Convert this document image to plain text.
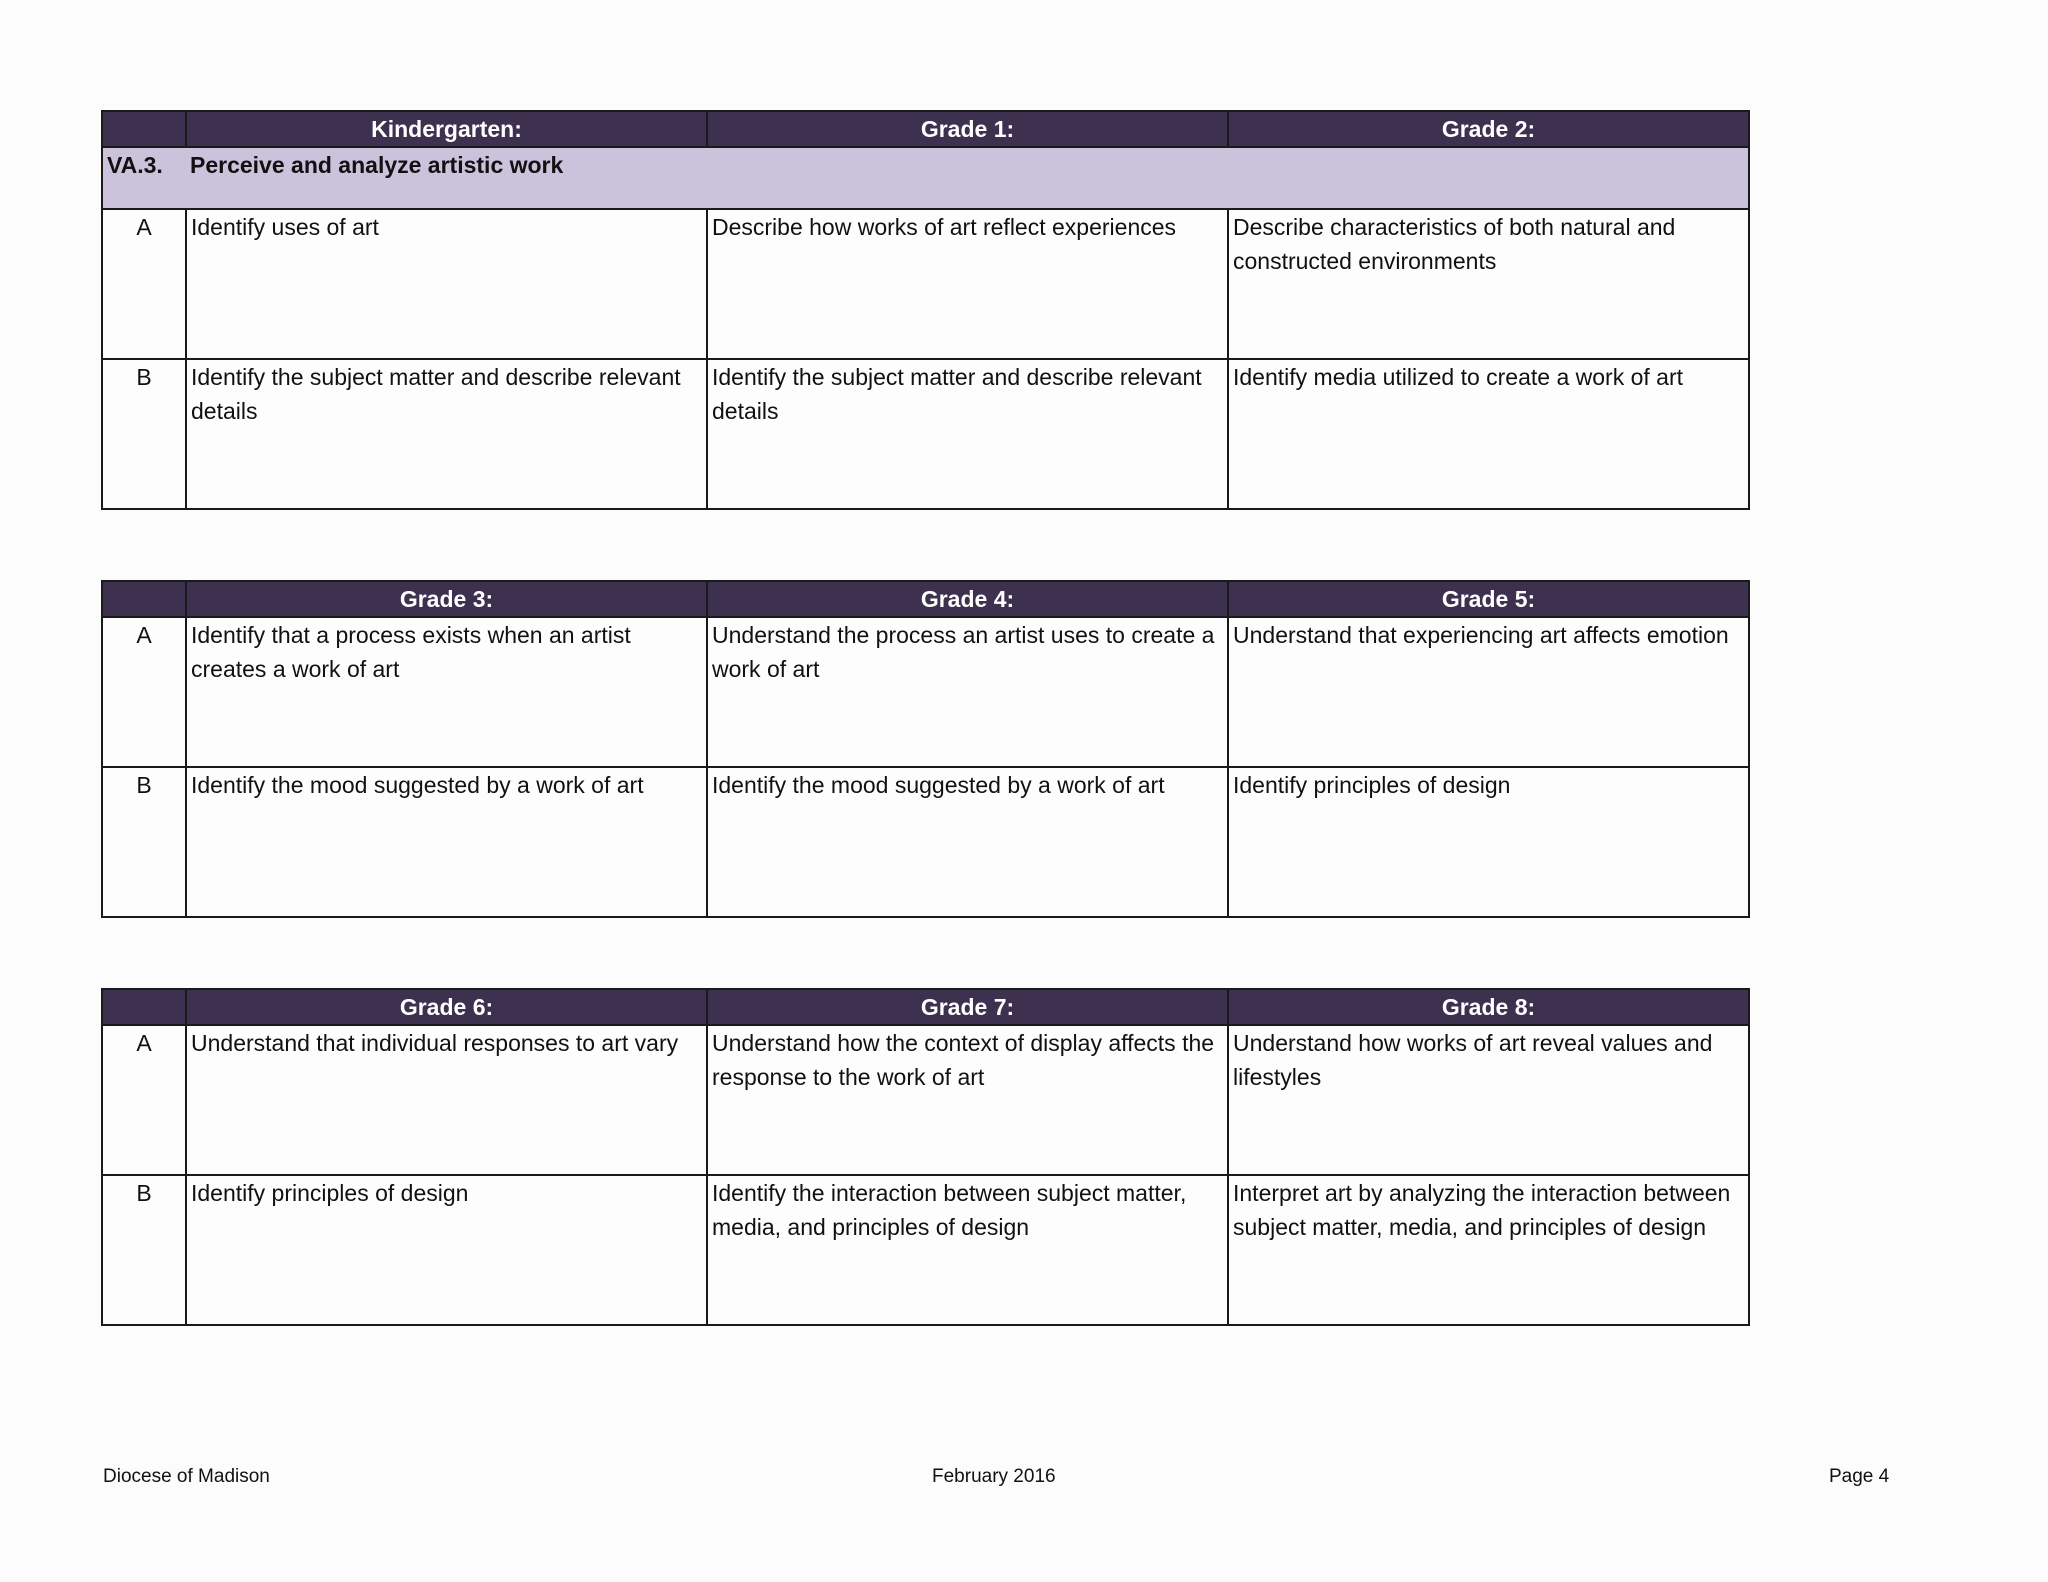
	Kindergarten:	Grade 1:	Grade 2:
VA.3.	Perceive and analyze artistic work		
A	Identify uses of art	Describe how works of art reflect experiences	Describe characteristics of both natural and constructed environments
B	Identify the subject matter and describe relevant details	Identify the subject matter and describe relevant details	Identify media utilized to create a work of art
	Grade 3:	Grade 4:	Grade 5:
A	Identify that a process exists when an artist creates a work of art	Understand the process an artist uses to create a work of art	Understand that experiencing art affects emotion
B	Identify the mood suggested by a work of art	Identify the mood suggested by a work of art	Identify principles of design
	Grade 6:	Grade 7:	Grade 8:
A	Understand that individual responses to art vary	Understand how the context of display affects the response to the work of art	Understand how works of art reveal values and lifestyles
B	Identify principles of design	Identify the interaction between subject matter, media, and principles of design	Interpret art by analyzing the interaction between subject matter, media, and principles of design
Diocese of Madison	February 2016	Page 4
